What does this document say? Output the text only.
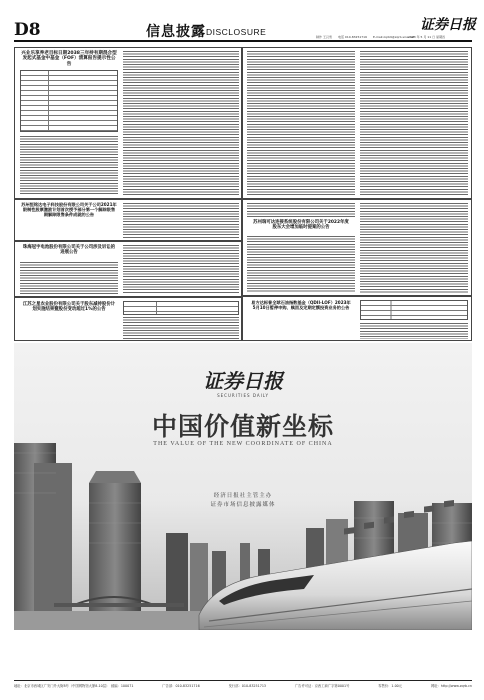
D8	信息披露 DISCLOSURE	制作 王汉雪　　电话 010-83251716　　E-mail:zqrb9@zqrb.sina.net
证券日报
2023 年 5 月 11 日 星期四
兴业乐享养老目标日期2038三年持有期混合型发起式基金中基金（FOF）清算报告提示性公告
苏州恒铭达电子科技股份有限公司关于公司2021年限制性股票激励计划首次授予部分第一个解除限售期解除限售条件成就的公告
珠海冠宇电池股份有限公司关于公司涉及诉讼的进展公告
江苏之星农业股份有限公司关于股东减持股份计划实施结果暨股份变动超过1%的公告
苏州瑞可达连接系统股份有限公司关于2022年度股东大会增加临时提案的公告
易方达标普全球石油指数基金（QDII-LOF）2023年5月10日暂停申购、赎回及定期定额投资业务的公告
证券日报
SECURITIES DAILY
中国价值新坐标
THE VALUE OF THE NEW COORDINATE OF CHINA
经济日报社主管主办
证券市场信息披露媒体
地址：北京市西城区广安门外大街8号（中国网物馆大厦8-10层）　邮编：100071	广告部：010-83251716	发行部：010-83251713	广告许可证：京西工商广字第0001号	零售价：1.00元	网址：http://www.zqrb.cn
